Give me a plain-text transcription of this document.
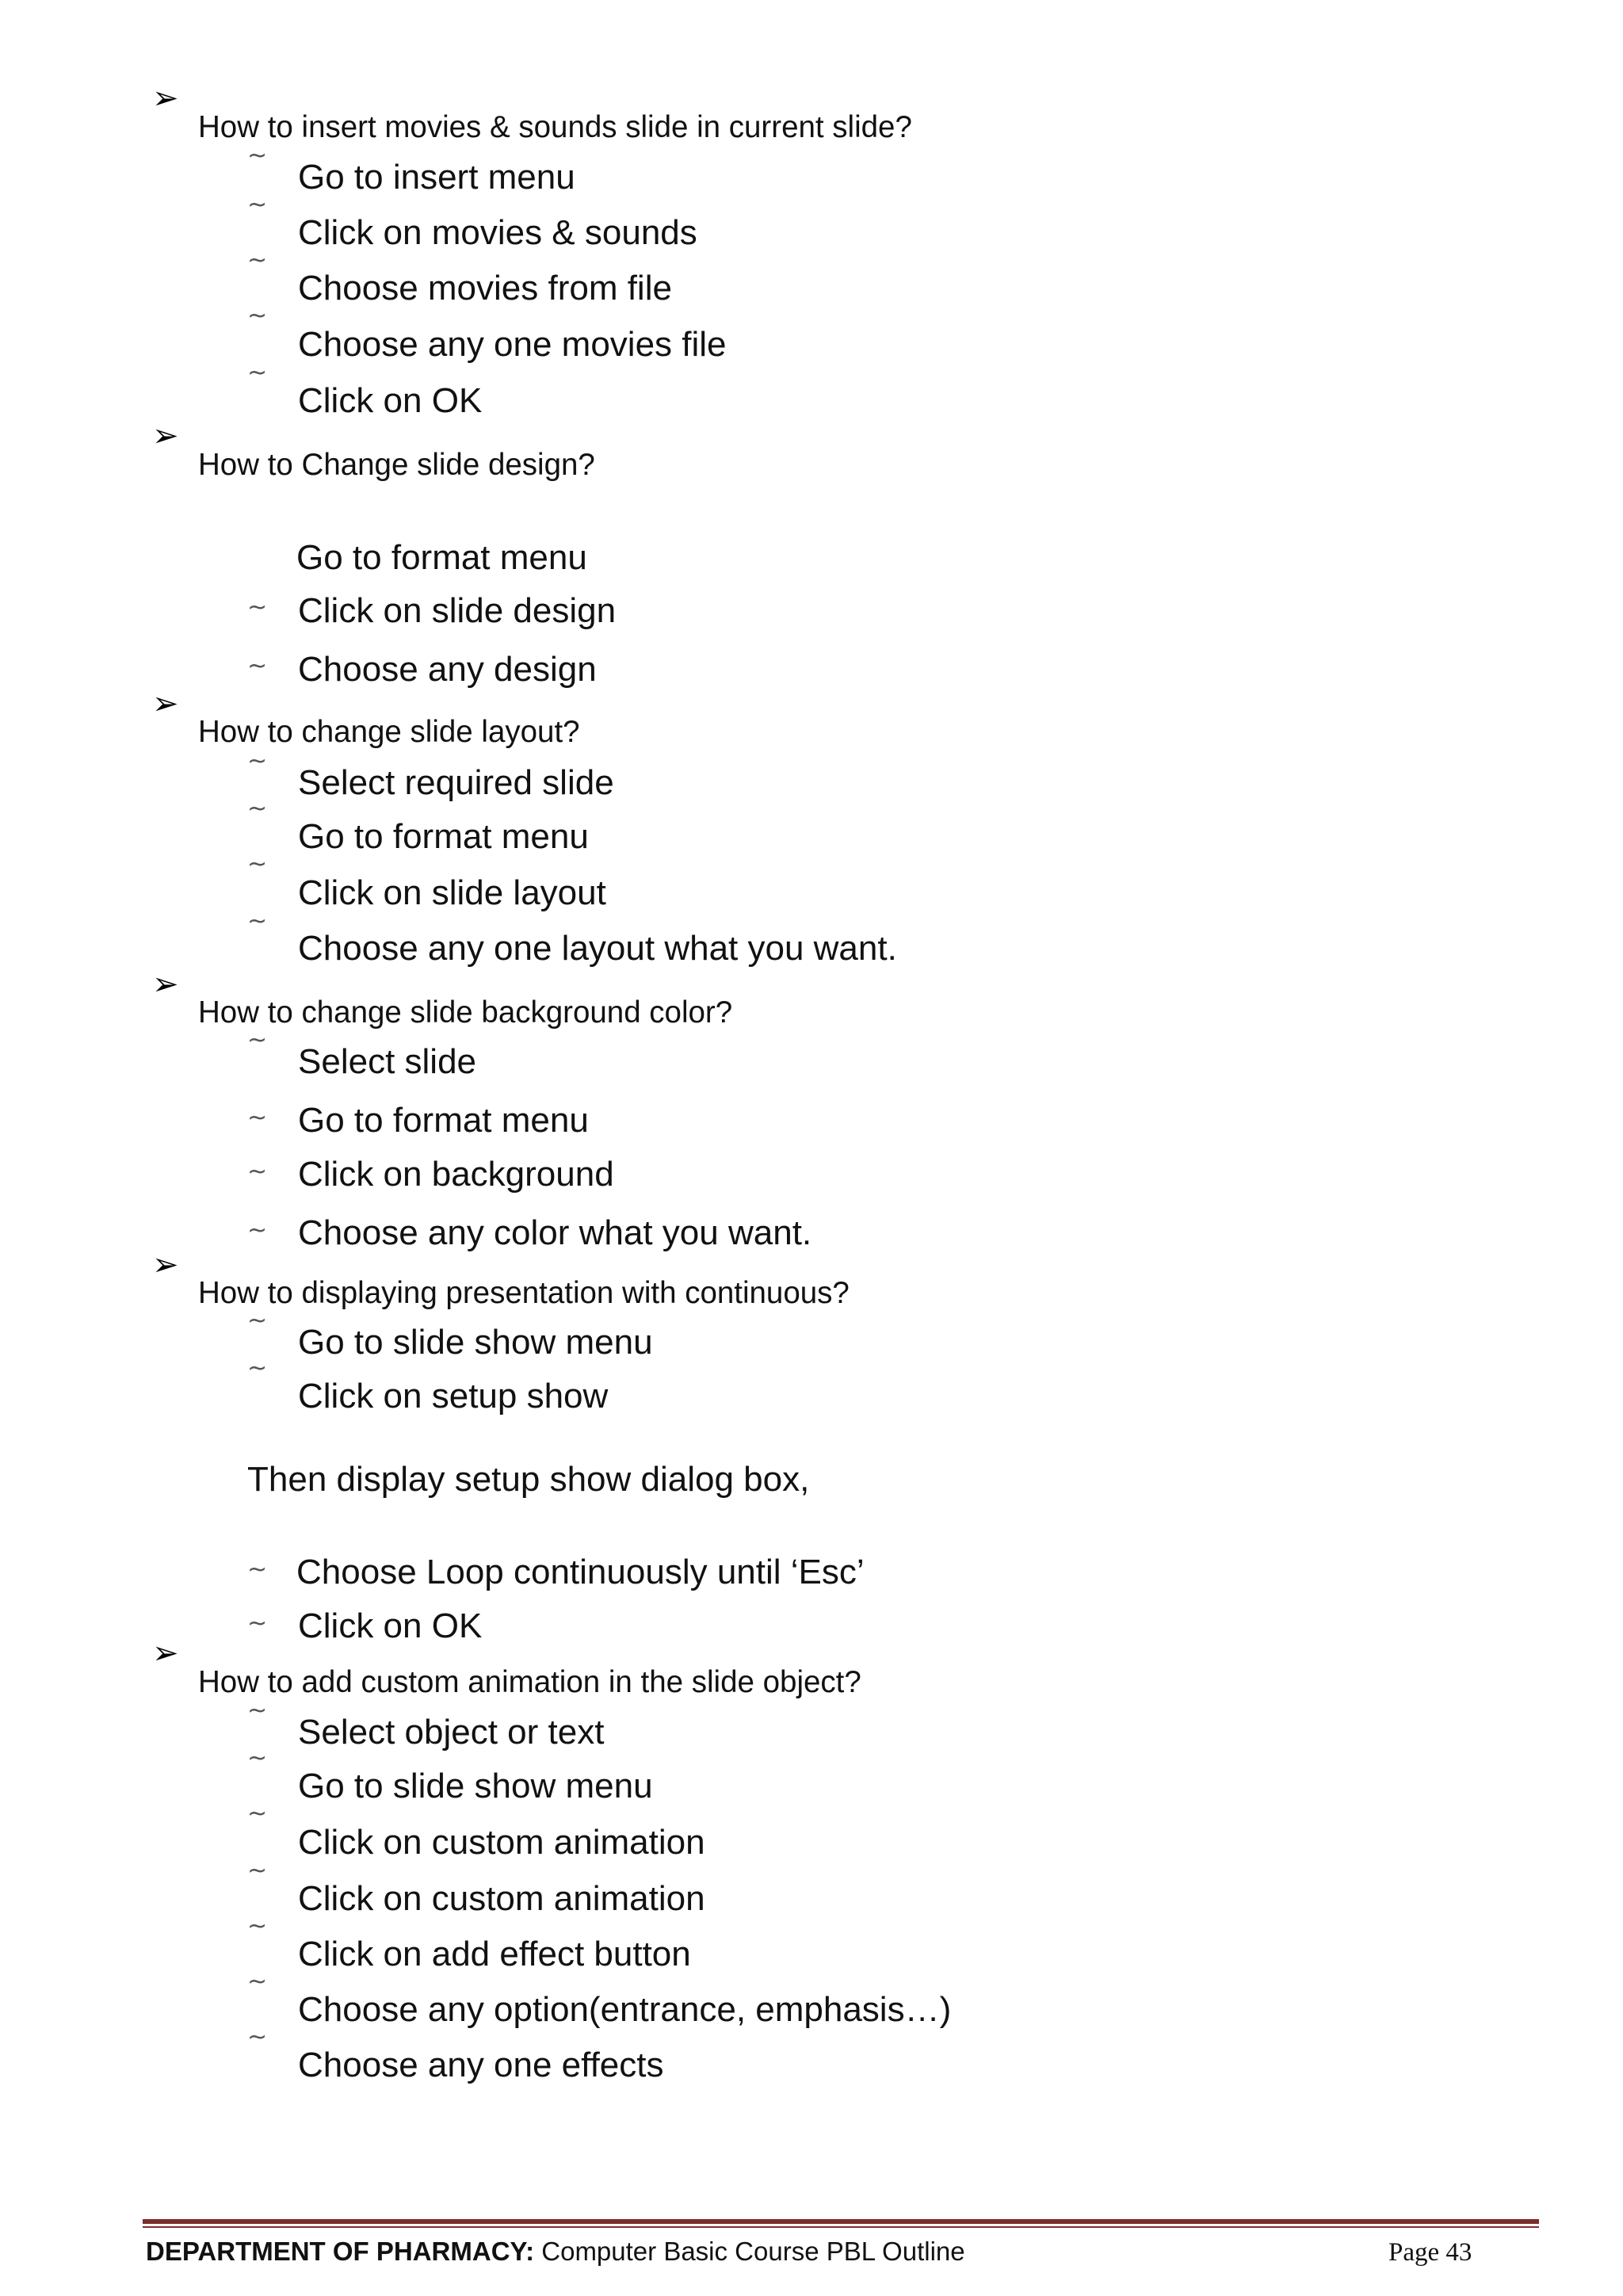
➢
How to insert movies & sounds slide in current slide?
~
Go to insert menu
~
Click on movies & sounds
~
Choose movies from file
~
Choose any one movies file
~
Click on OK
➢
How to Change slide design?
Go to format menu
~ Click on slide design
~ Choose any design
➢
How to change slide layout?
~
Select required slide
~
Go to format menu
~
Click on slide layout
~
Choose any one layout what you want.
➢
How to change slide background color?
~
Select slide
~ Go to format menu
~ Click on background
~ Choose any color what you want.
➢
How to displaying presentation with continuous?
~
Go to slide show menu
~
Click on setup show
Then display setup show dialog box,
~ Choose Loop continuously until ‘Esc’
~ Click on OK
➢
How to add custom animation in the slide object?
~
Select object or text
~
Go to slide show menu
~
Click on custom animation
~
Click on custom animation
~
Click on add effect button
~
Choose any option(entrance, emphasis…)
~
Choose any one effects
DEPARTMENT OF PHARMACY: Computer Basic Course PBL Outline	Page 43
